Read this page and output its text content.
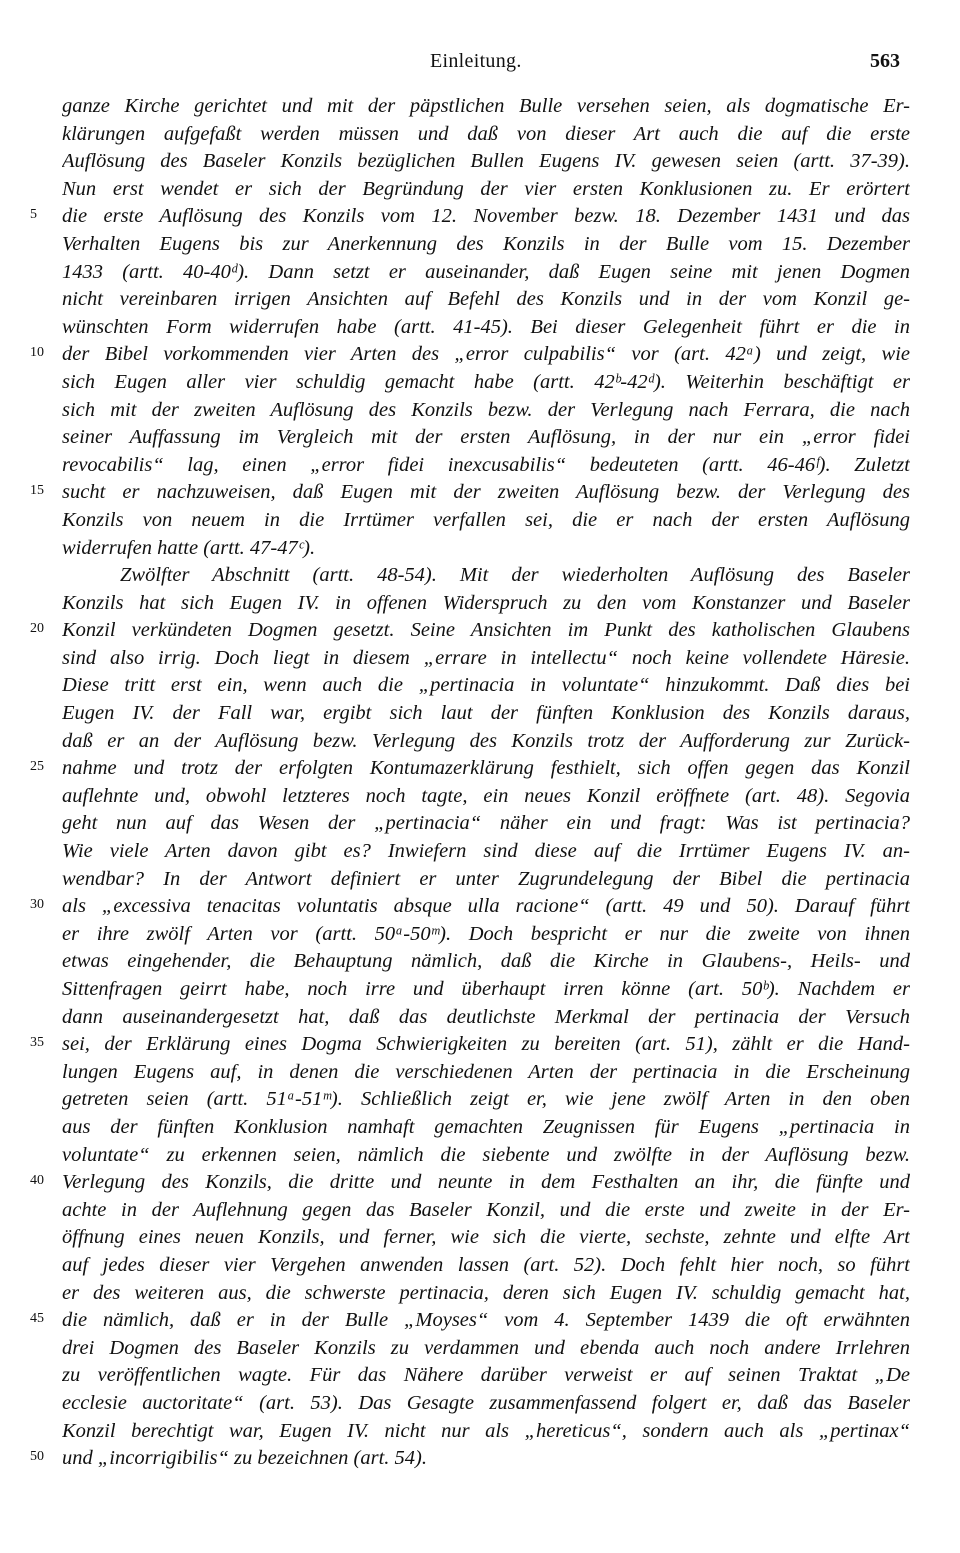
Einleitung.	563
ganze Kirche gerichtet und mit der päpstlichen Bulle versehen seien, als dogmatische Er-
klärungen aufgefaßt werden müssen und daß von dieser Art auch die auf die erste
Auflösung des Baseler Konzils bezüglichen Bullen Eugens IV. gewesen seien (artt. 37-39).
Nun erst wendet er sich der Begründung der vier ersten Konklusionen zu. Er erörtert
5	die erste Auflösung des Konzils vom 12. November bezw. 18. Dezember 1431 und das
Verhalten Eugens bis zur Anerkennung des Konzils in der Bulle vom 15. Dezember
1433 (artt. 40-40ᵈ). Dann setzt er auseinander, daß Eugen seine mit jenen Dogmen
nicht vereinbaren irrigen Ansichten auf Befehl des Konzils und in der vom Konzil ge-
wünschten Form widerrufen habe (artt. 41-45). Bei dieser Gelegenheit führt er die in
10 der Bibel vorkommenden vier Arten des „error culpabilis“ vor (art. 42ᵃ) und zeigt, wie
sich Eugen aller vier schuldig gemacht habe (artt. 42ᵇ-42ᵈ). Weiterhin beschäftigt er
sich mit der zweiten Auflösung des Konzils bezw. der Verlegung nach Ferrara, die nach
seiner Auffassung im Vergleich mit der ersten Auflösung, in der nur ein „error fidei
revocabilis“ lag, einen „error fidei inexcusabilis“ bedeuteten (artt. 46-46ᶠ). Zuletzt
15 sucht er nachzuweisen, daß Eugen mit der zweiten Auflösung bezw. der Verlegung des
Konzils von neuem in die Irrtümer verfallen sei, die er nach der ersten Auflösung
widerrufen hatte (artt. 47-47ᶜ).
Zwölfter Abschnitt (artt. 48-54). Mit der wiederholten Auflösung des Baseler
Konzils hat sich Eugen IV. in offenen Widerspruch zu den vom Konstanzer und Baseler
20 Konzil verkündeten Dogmen gesetzt. Seine Ansichten im Punkt des katholischen Glaubens
sind also irrig. Doch liegt in diesem „errare in intellectu“ noch keine vollendete Häresie.
Diese tritt erst ein, wenn auch die „pertinacia in voluntate“ hinzukommt. Daß dies bei
Eugen IV. der Fall war, ergibt sich laut der fünften Konklusion des Konzils daraus,
daß er an der Auflösung bezw. Verlegung des Konzils trotz der Aufforderung zur Zurück-
25 nahme und trotz der erfolgten Kontumazerklärung festhielt, sich offen gegen das Konzil
auflehnte und, obwohl letzteres noch tagte, ein neues Konzil eröffnete (art. 48). Segovia
geht nun auf das Wesen der „pertinacia“ näher ein und fragt: Was ist pertinacia?
Wie viele Arten davon gibt es? Inwiefern sind diese auf die Irrtümer Eugens IV. an-
wendbar? In der Antwort definiert er unter Zugrundelegung der Bibel die pertinacia
30 als „excessiva tenacitas voluntatis absque ulla racione“ (artt. 49 und 50). Darauf führt
er ihre zwölf Arten vor (artt. 50ᵃ-50ᵐ). Doch bespricht er nur die zweite von ihnen
etwas eingehender, die Behauptung nämlich, daß die Kirche in Glaubens-, Heils- und
Sittenfragen geirrt habe, noch irre und überhaupt irren könne (art. 50ᵇ). Nachdem er
dann auseinandergesetzt hat, daß das deutlichste Merkmal der pertinacia der Versuch
35 sei, der Erklärung eines Dogma Schwierigkeiten zu bereiten (art. 51), zählt er die Hand-
lungen Eugens auf, in denen die verschiedenen Arten der pertinacia in die Erscheinung
getreten seien (artt. 51ᵃ-51ᵐ). Schließlich zeigt er, wie jene zwölf Arten in den oben
aus der fünften Konklusion namhaft gemachten Zeugnissen für Eugens „pertinacia in
voluntate“ zu erkennen seien, nämlich die siebente und zwölfte in der Auflösung bezw.
40 Verlegung des Konzils, die dritte und neunte in dem Festhalten an ihr, die fünfte und
achte in der Auflehnung gegen das Baseler Konzil, und die erste und zweite in der Er-
öffnung eines neuen Konzils, und ferner, wie sich die vierte, sechste, zehnte und elfte Art
auf jedes dieser vier Vergehen anwenden lassen (art. 52). Doch fehlt hier noch, so führt
er des weiteren aus, die schwerste pertinacia, deren sich Eugen IV. schuldig gemacht hat,
45 die nämlich, daß er in der Bulle „Moyses“ vom 4. September 1439 die oft erwähnten
drei Dogmen des Baseler Konzils zu verdammen und ebenda auch noch andere Irrlehren
zu veröffentlichen wagte. Für das Nähere darüber verweist er auf seinen Traktat „De
ecclesie auctoritate“ (art. 53). Das Gesagte zusammenfassend folgert er, daß das Baseler
Konzil berechtigt war, Eugen IV. nicht nur als „hereticus“, sondern auch als „pertinax“
50 und „incorrigibilis“ zu bezeichnen (art. 54).
